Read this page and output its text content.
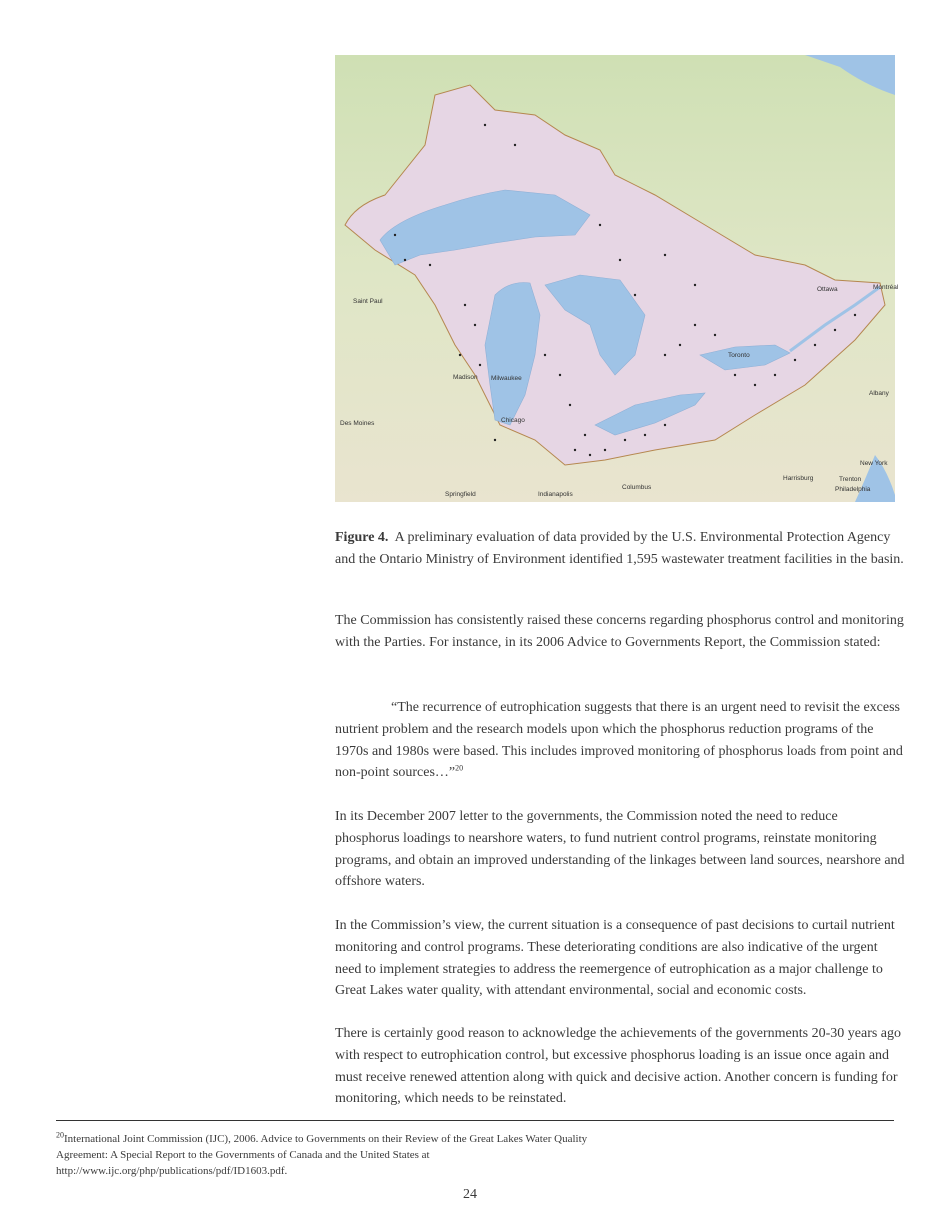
Ottawa	Montréal
Saint Paul
Madison Milwaukee
Chicago
Toronto
Albany
Des Moines
Springfield	Indianapolis
Columbus
Harrisburg	Trenton
Philadelphia
New York

Figure 4. A preliminary evaluation of data provided by the U.S. Environmental Protection Agency and the Ontario Ministry of Environment identified 1,595 wastewater treatment facilities in the basin.

The Commission has consistently raised these concerns regarding phosphorus control and monitoring with the Parties. For instance, in its 2006 Advice to Governments Report, the Commission stated:

“The recurrence of eutrophication suggests that there is an urgent need to revisit the excess nutrient problem and the research models upon which the phosphorus reduction programs of the 1970s and 1980s were based. This includes improved monitoring of phosphorus loads from point and non-point sources…”$^{20}$

In its December 2007 letter to the governments, the Commission noted the need to reduce phosphorus loadings to nearshore waters, to fund nutrient control programs, reinstate monitoring programs, and obtain an improved understanding of the linkages between land sources, nearshore and offshore waters.

In the Commission’s view, the current situation is a consequence of past decisions to curtail nutrient monitoring and control programs. These deteriorating conditions are also indicative of the urgent need to implement strategies to address the reemergence of eutrophication as a major challenge to Great Lakes water quality, with attendant environmental, social and economic costs.

There is certainly good reason to acknowledge the achievements of the governments 20-30 years ago with respect to eutrophication control, but excessive phosphorus loading is an issue once again and must receive renewed attention along with quick and decisive action. Another concern is funding for monitoring, which needs to be reinstated.

$^{20}$International Joint Commission (IJC), 2006. Advice to Governments on their Review of the Great Lakes Water Quality Agreement: A Special Report to the Governments of Canada and the United States at http://www.ijc.org/php/publications/pdf/ID1603.pdf.

24
